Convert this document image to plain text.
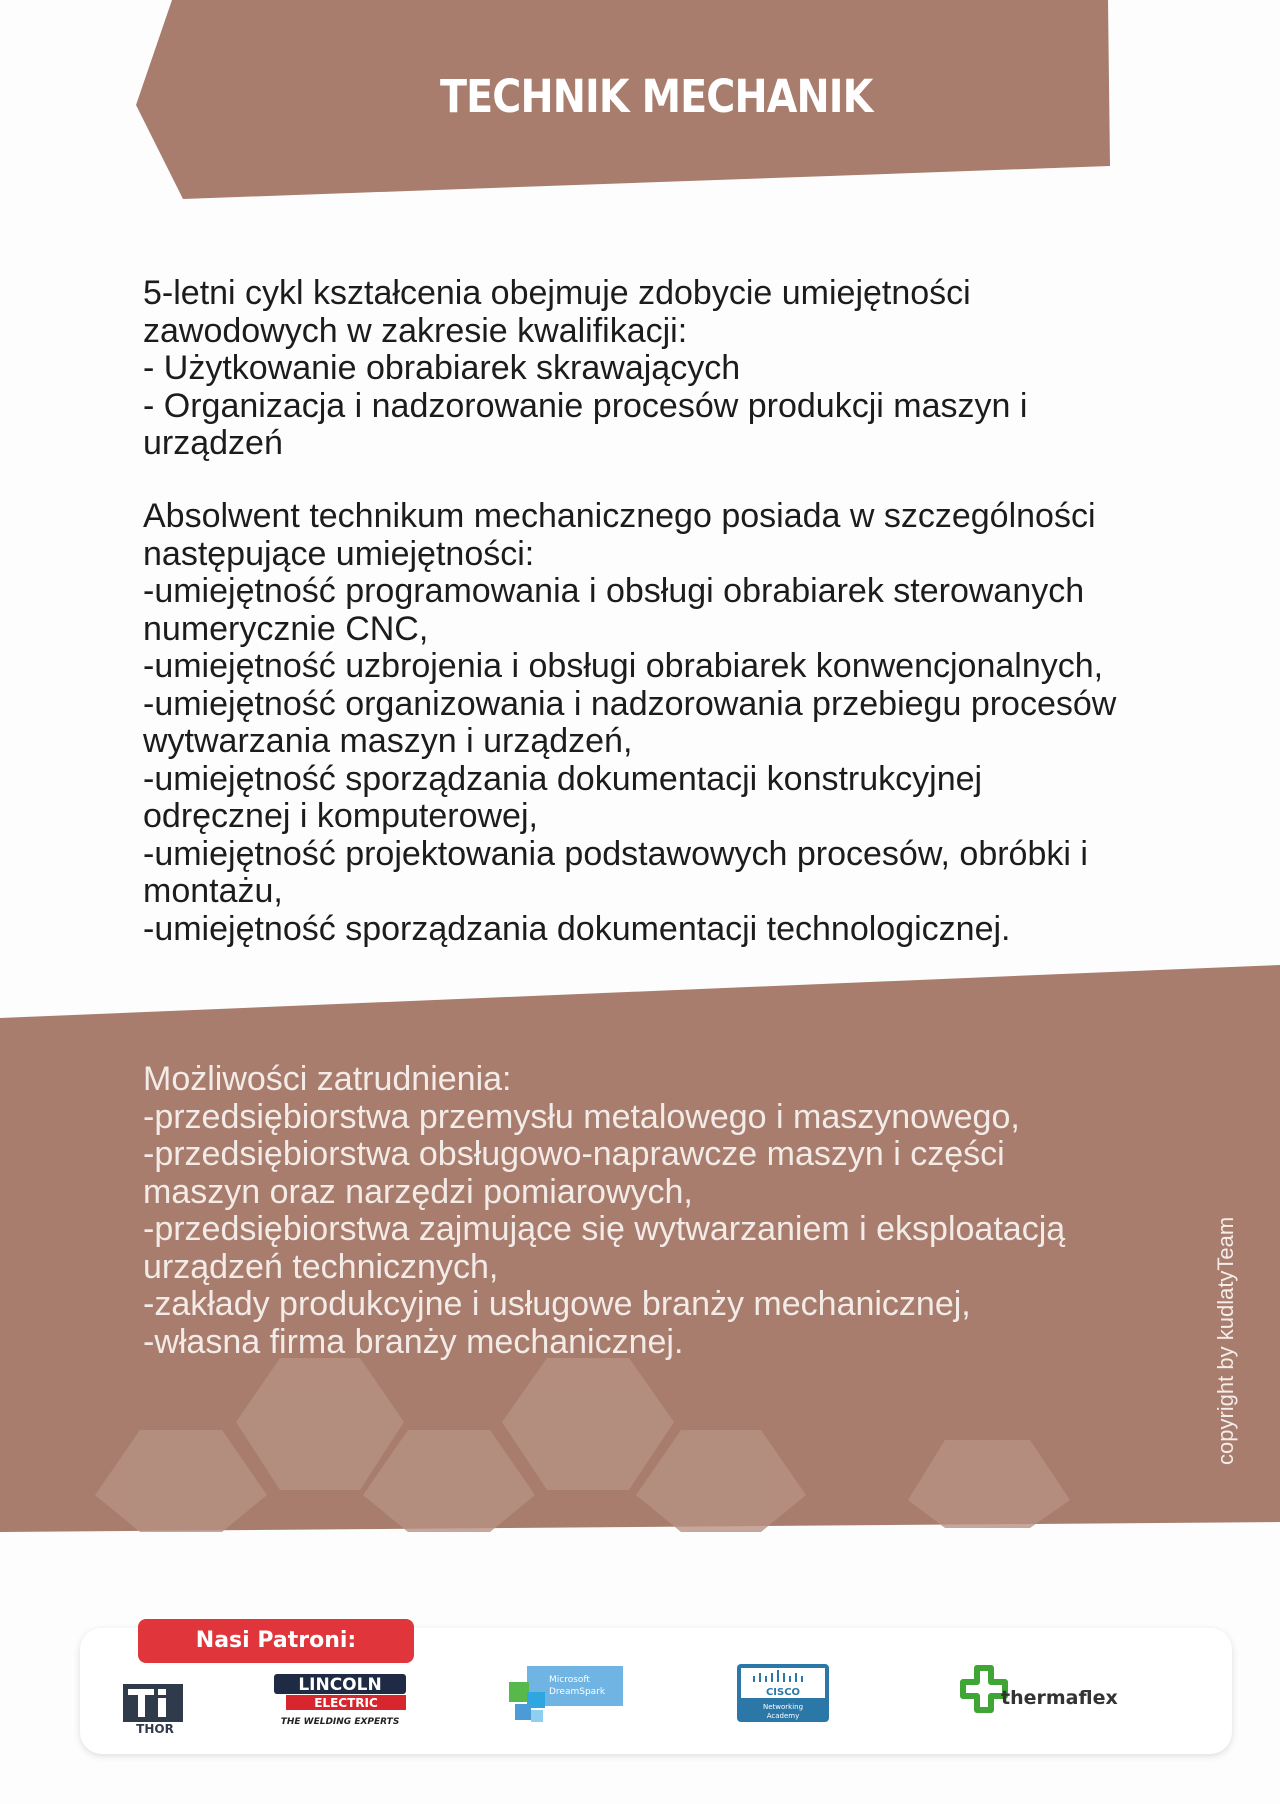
TECHNIK MECHANIK

5-letni cykl kształcenia obejmuje zdobycie umiejętności

zawodowych w zakresie kwalifikacji:

- Użytkowanie obrabiarek skrawających

- Organizacja i nadzorowanie procesów produkcji maszyn i

urządzeń

Absolwent technikum mechanicznego posiada w szczególności

następujące umiejętności:

-umiejętność programowania i obsługi obrabiarek sterowanych

numerycznie CNC,

-umiejętność uzbrojenia i obsługi obrabiarek konwencjonalnych,

-umiejętność organizowania i nadzorowania przebiegu procesów

wytwarzania maszyn i urządzeń,

-umiejętność sporządzania dokumentacji konstrukcyjnej

odręcznej i komputerowej,

-umiejętność projektowania podstawowych procesów, obróbki i

montażu,

-umiejętność sporządzania dokumentacji technologicznej.

Możliwości zatrudnienia:

-przedsiębiorstwa przemysłu metalowego i maszynowego,

-przedsiębiorstwa obsługowo-naprawcze maszyn i części

maszyn oraz narzędzi pomiarowych,

-przedsiębiorstwa zajmujące się wytwarzaniem i eksploatacją

urządzeń technicznych,

-zakłady produkcyjne i usługowe branży mechanicznej,

-własna firma branży mechanicznej.	copyright by kudlatyTeam
Nasi Patroni:
THOR
LINCOLN
ELECTRIC
THE WELDING EXPERTS
Microsoft
DreamSpark	CISCO
Networking
Academy
thermaflex
